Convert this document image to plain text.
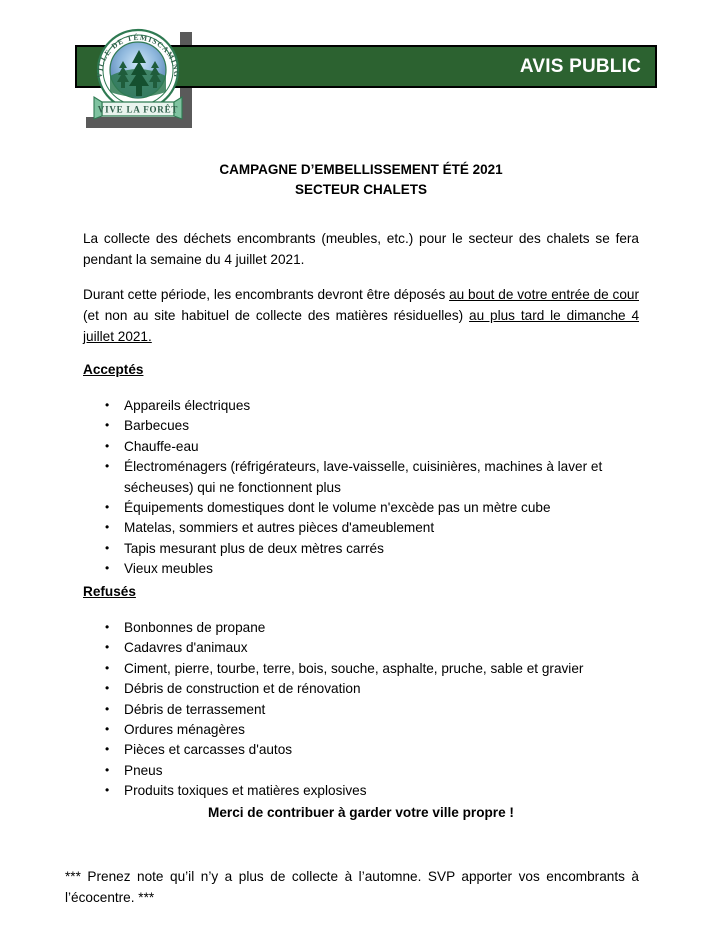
AVIS PUBLIC
VILLE DE TÉMISCAMING
VIVE LA FORÊT
CAMPAGNE D’EMBELLISSEMENT ÉTÉ 2021
SECTEUR CHALETS

La collecte des déchets encombrants (meubles, etc.) pour le secteur des chalets se fera pendant la semaine du 4 juillet 2021.

Durant cette période, les encombrants devront être déposés au bout de votre entrée de cour (et non au site habituel de collecte des matières résiduelles) au plus tard le dimanche 4 juillet 2021.

Acceptés
• Appareils électriques
• Barbecues
• Chauffe-eau
• Électroménagers (réfrigérateurs, lave-vaisselle, cuisinières, machines à laver et sécheuses) qui ne fonctionnent plus
• Équipements domestiques dont le volume n'excède pas un mètre cube
• Matelas, sommiers et autres pièces d'ameublement
• Tapis mesurant plus de deux mètres carrés
• Vieux meubles
Refusés
• Bonbonnes de propane
• Cadavres d'animaux
• Ciment, pierre, tourbe, terre, bois, souche, asphalte, pruche, sable et gravier
• Débris de construction et de rénovation
• Débris de terrassement
• Ordures ménagères
• Pièces et carcasses d'autos
• Pneus
• Produits toxiques et matières explosives
Merci de contribuer à garder votre ville propre !

*** Prenez note qu’il n’y a plus de collecte à l’automne. SVP apporter vos encombrants à l’écocentre. ***
